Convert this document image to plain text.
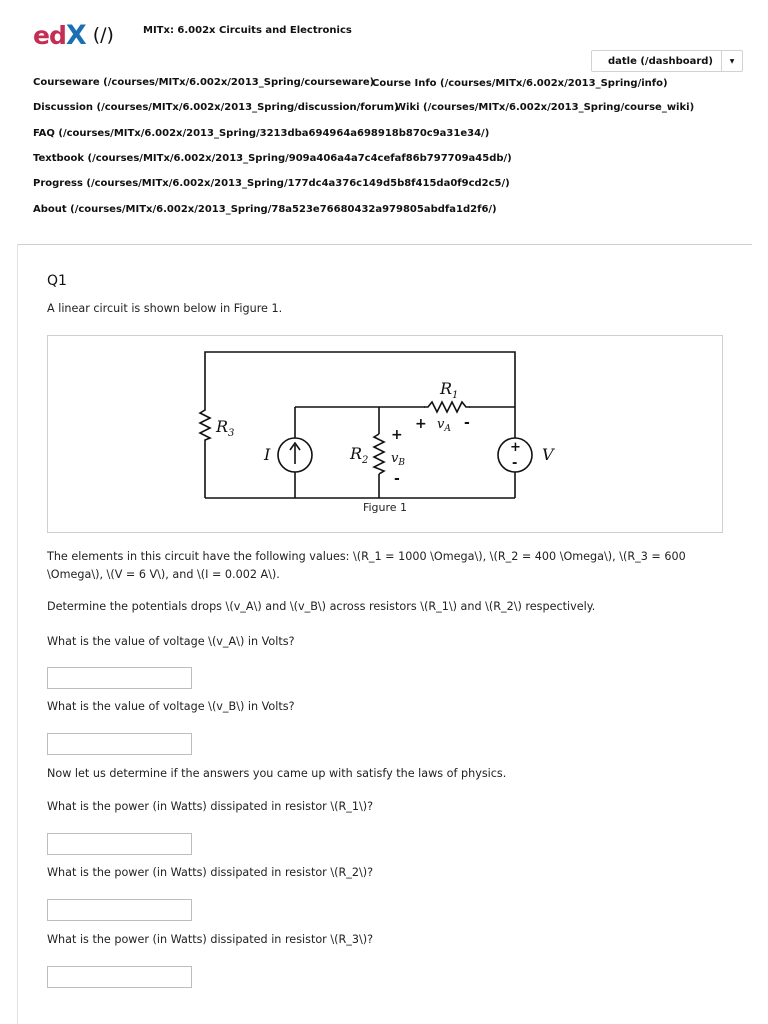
ed X (/)	MITx: 6.002x Circuits and Electronics
datle (/dashboard)	▼
Courseware (/courses/MITx/6.002x/2013_Spring/courseware)
Course Info (/courses/MITx/6.002x/2013_Spring/info)
Discussion (/courses/MITx/6.002x/2013_Spring/discussion/forum)
Wiki (/courses/MITx/6.002x/2013_Spring/course_wiki)
FAQ (/courses/MITx/6.002x/2013_Spring/3213dba694964a698918b870c9a31e34/)
Textbook (/courses/MITx/6.002x/2013_Spring/909a406a4a7c4cefaf86b797709a45db/)
Progress (/courses/MITx/6.002x/2013_Spring/177dc4a376c149d5b8f415da0f9cd2c5/)
About (/courses/MITx/6.002x/2013_Spring/78a523e76680432a979805abdfa1d2f6/)
Q1
A linear circuit is shown below in Figure 1.
$R_1$
$R_3$
$R_2$
I	V
$v_B$
$v_A$
+	-
+
-
+
-
Figure 1
The elements in this circuit have the following values: \(R_1 = 1000 \Omega\), \(R_2 = 400 \Omega\), \(R_3 = 600 \Omega\), \(V = 6 V\), and \(I = 0.002 A\).
Determine the potentials drops \(v_A\) and \(v_B\) across resistors \(R_1\) and \(R_2\) respectively.
What is the value of voltage \(v_A\) in Volts?
What is the value of voltage \(v_B\) in Volts?
Now let us determine if the answers you came up with satisfy the laws of physics.
What is the power (in Watts) dissipated in resistor \(R_1\)?
What is the power (in Watts) dissipated in resistor \(R_2\)?
What is the power (in Watts) dissipated in resistor \(R_3\)?
